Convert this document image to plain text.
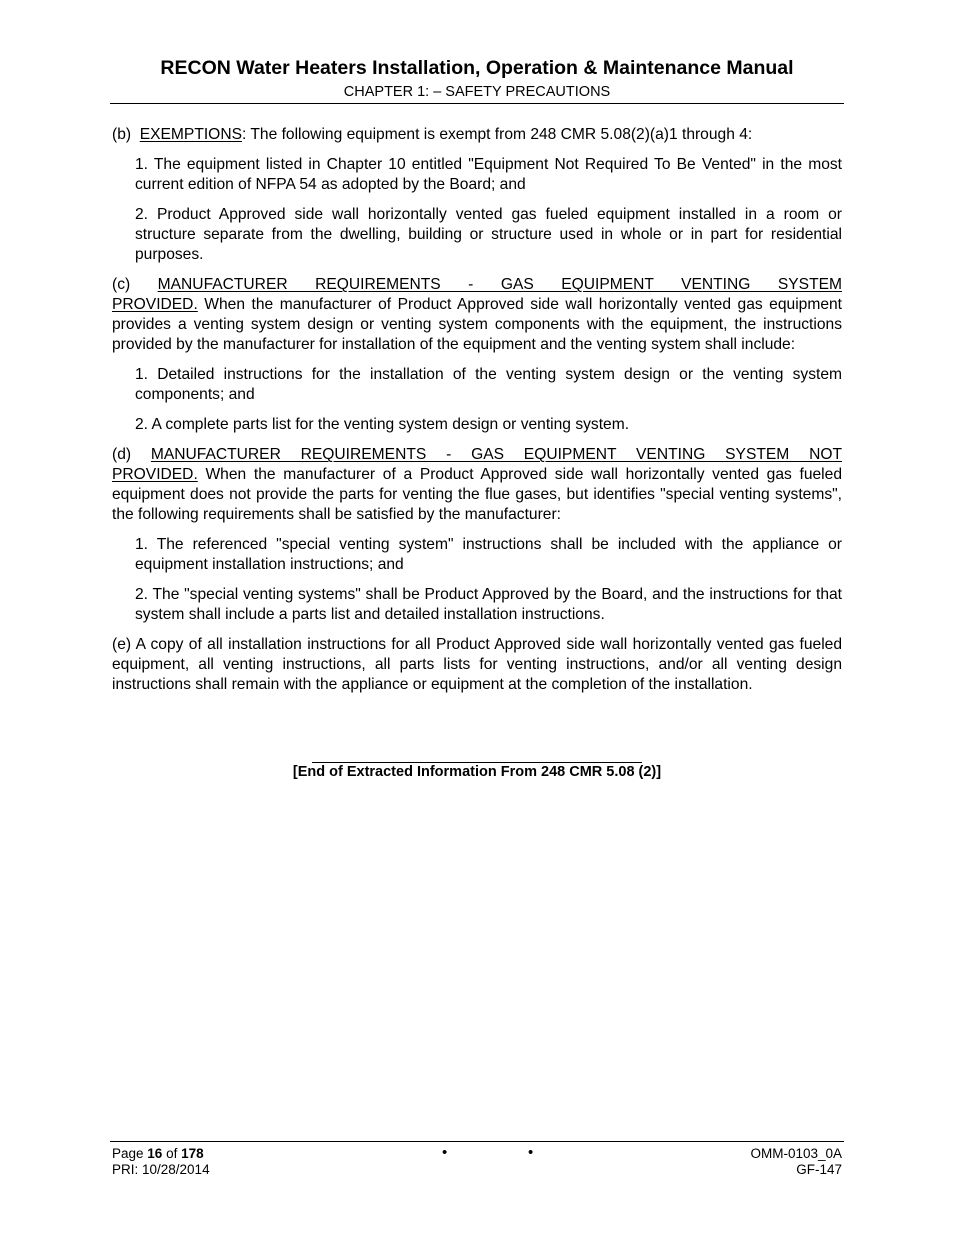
RECON Water Heaters Installation, Operation & Maintenance Manual
CHAPTER 1: – SAFETY PRECAUTIONS

(b) EXEMPTIONS: The following equipment is exempt from 248 CMR 5.08(2)(a)1 through 4:

1. The equipment listed in Chapter 10 entitled "Equipment Not Required To Be Vented" in the most current edition of NFPA 54 as adopted by the Board; and

2. Product Approved side wall horizontally vented gas fueled equipment installed in a room or structure separate from the dwelling, building or structure used in whole or in part for residential purposes.

(c) MANUFACTURER REQUIREMENTS - GAS EQUIPMENT VENTING SYSTEM
PROVIDED. When the manufacturer of Product Approved side wall horizontally vented gas equipment provides a venting system design or venting system components with the equipment, the instructions provided by the manufacturer for installation of the equipment and the venting system shall include:

1. Detailed instructions for the installation of the venting system design or the venting system components; and

2. A complete parts list for the venting system design or venting system.

(d) MANUFACTURER REQUIREMENTS - GAS EQUIPMENT VENTING SYSTEM NOT
PROVIDED. When the manufacturer of a Product Approved side wall horizontally vented gas fueled equipment does not provide the parts for venting the flue gases, but identifies "special venting systems", the following requirements shall be satisfied by the manufacturer:

1. The referenced "special venting system" instructions shall be included with the appliance or equipment installation instructions; and

2. The "special venting systems" shall be Product Approved by the Board, and the instructions for that system shall include a parts list and detailed installation instructions.

(e) A copy of all installation instructions for all Product Approved side wall horizontally vented gas fueled equipment, all venting instructions, all parts lists for venting instructions, and/or all venting design instructions shall remain with the appliance or equipment at the completion of the installation.

[End of Extracted Information From 248 CMR 5.08 (2)]
Page 16 of 178
PRI: 10/28/2014
•	•	OMM-0103_0A
GF-147
